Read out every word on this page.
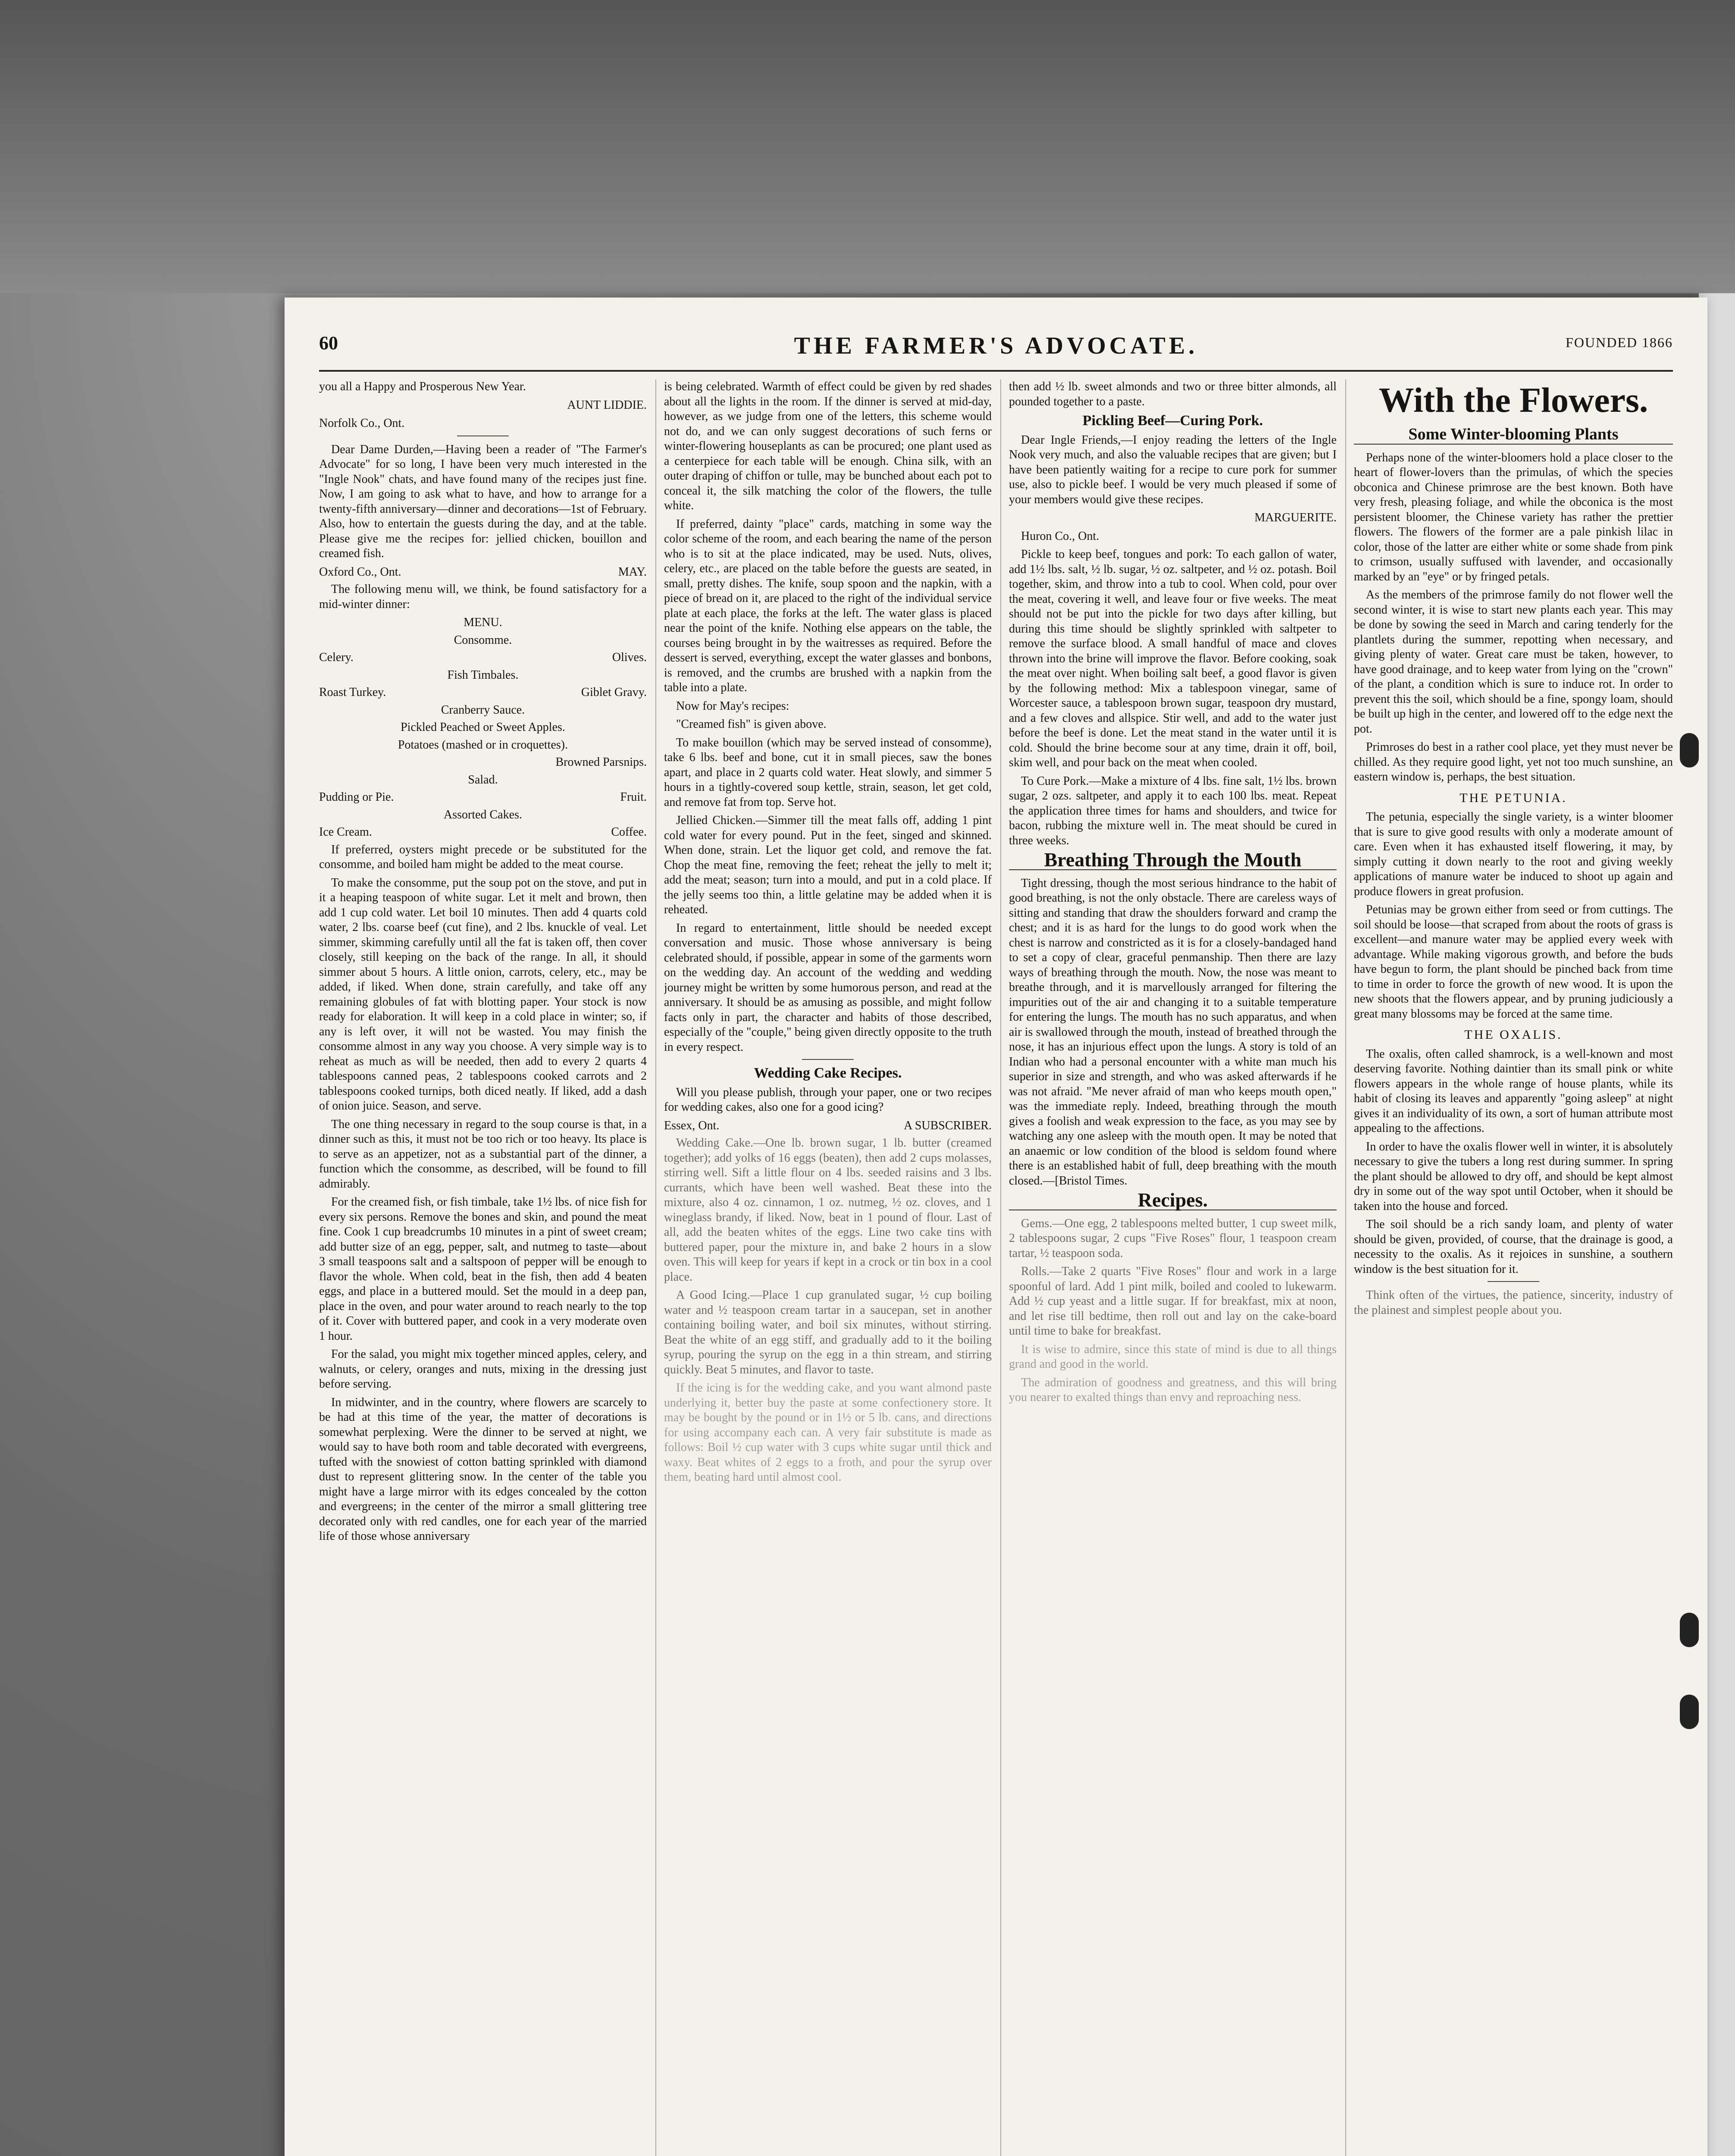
60	THE FARMER'S ADVOCATE.	FOUNDED 1866

you all a Happy and Prosperous New Year.

AUNT LIDDIE.

Norfolk Co., Ont.

Dear Dame Durden,—Having been a reader of "The Farmer's Advocate" for so long, I have been very much interested in the "Ingle Nook" chats, and have found many of the recipes just fine. Now, I am going to ask what to have, and how to arrange for a twenty-fifth anniversary—dinner and decorations—1st of February. Also, how to entertain the guests during the day, and at the table. Please give me the recipes for: jellied chicken, bouillon and creamed fish.

Oxford Co., Ont.	MAY.

The following menu will, we think, be found satisfactory for a mid-winter dinner:

MENU.
Consomme.
Celery.	Olives.
Fish Timbales.
Roast Turkey.	Giblet Gravy.
Cranberry Sauce.
Pickled Peached or Sweet Apples.
Potatoes (mashed or in croquettes).
Browned Parsnips.
Salad.
Pudding or Pie.	Fruit.
Assorted Cakes.
Ice Cream.	Coffee.

If preferred, oysters might precede or be substituted for the consomme, and boiled ham might be added to the meat course.

To make the consomme, put the soup pot on the stove, and put in it a heaping teaspoon of white sugar. Let it melt and brown, then add 1 cup cold water. Let boil 10 minutes. Then add 4 quarts cold water, 2 lbs. coarse beef (cut fine), and 2 lbs. knuckle of veal. Let simmer, skimming carefully until all the fat is taken off, then cover closely, still keeping on the back of the range. In all, it should simmer about 5 hours. A little onion, carrots, celery, etc., may be added, if liked. When done, strain carefully, and take off any remaining globules of fat with blotting paper. Your stock is now ready for elaboration. It will keep in a cold place in winter; so, if any is left over, it will not be wasted. You may finish the consomme almost in any way you choose. A very simple way is to reheat as much as will be needed, then add to every 2 quarts 4 tablespoons canned peas, 2 tablespoons cooked carrots and 2 tablespoons cooked turnips, both diced neatly. If liked, add a dash of onion juice. Season, and serve.

The one thing necessary in regard to the soup course is that, in a dinner such as this, it must not be too rich or too heavy. Its place is to serve as an appetizer, not as a substantial part of the dinner, a function which the consomme, as described, will be found to fill admirably.

For the creamed fish, or fish timbale, take 1½ lbs. of nice fish for every six persons. Remove the bones and skin, and pound the meat fine. Cook 1 cup breadcrumbs 10 minutes in a pint of sweet cream; add butter size of an egg, pepper, salt, and nutmeg to taste—about 3 small teaspoons salt and a saltspoon of pepper will be enough to flavor the whole. When cold, beat in the fish, then add 4 beaten eggs, and place in a buttered mould. Set the mould in a deep pan, place in the oven, and pour water around to reach nearly to the top of it. Cover with buttered paper, and cook in a very moderate oven 1 hour.

For the salad, you might mix together minced apples, celery, and walnuts, or celery, oranges and nuts, mixing in the dressing just before serving.

In midwinter, and in the country, where flowers are scarcely to be had at this time of the year, the matter of decorations is somewhat perplexing. Were the dinner to be served at night, we would say to have both room and table decorated with evergreens, tufted with the snowiest of cotton batting sprinkled with diamond dust to represent glittering snow. In the center of the table you might have a large mirror with its edges concealed by the cotton and evergreens; in the center of the mirror a small glittering tree decorated only with red candles, one for each year of the married life of those whose anniversary

is being celebrated. Warmth of effect could be given by red shades about all the lights in the room. If the dinner is served at mid-day, however, as we judge from one of the letters, this scheme would not do, and we can only suggest decorations of such ferns or winter-flowering houseplants as can be procured; one plant used as a centerpiece for each table will be enough. China silk, with an outer draping of chiffon or tulle, may be bunched about each pot to conceal it, the silk matching the color of the flowers, the tulle white.

If preferred, dainty "place" cards, matching in some way the color scheme of the room, and each bearing the name of the person who is to sit at the place indicated, may be used. Nuts, olives, celery, etc., are placed on the table before the guests are seated, in small, pretty dishes. The knife, soup spoon and the napkin, with a piece of bread on it, are placed to the right of the individual service plate at each place, the forks at the left. The water glass is placed near the point of the knife. Nothing else appears on the table, the courses being brought in by the waitresses as required. Before the dessert is served, everything, except the water glasses and bonbons, is removed, and the crumbs are brushed with a napkin from the table into a plate.

Now for May's recipes:

"Creamed fish" is given above.

To make bouillon (which may be served instead of consomme), take 6 lbs. beef and bone, cut it in small pieces, saw the bones apart, and place in 2 quarts cold water. Heat slowly, and simmer 5 hours in a tightly-covered soup kettle, strain, season, let get cold, and remove fat from top. Serve hot.

Jellied Chicken.—Simmer till the meat falls off, adding 1 pint cold water for every pound. Put in the feet, singed and skinned. When done, strain. Let the liquor get cold, and remove the fat. Chop the meat fine, removing the feet; reheat the jelly to melt it; add the meat; season; turn into a mould, and put in a cold place. If the jelly seems too thin, a little gelatine may be added when it is reheated.

In regard to entertainment, little should be needed except conversation and music. Those whose anniversary is being celebrated should, if possible, appear in some of the garments worn on the wedding day. An account of the wedding and wedding journey might be written by some humorous person, and read at the anniversary. It should be as amusing as possible, and might follow facts only in part, the character and habits of those described, especially of the "couple," being given directly opposite to the truth in every respect.

Wedding Cake Recipes.

Will you please publish, through your paper, one or two recipes for wedding cakes, also one for a good icing?

Essex, Ont.	A SUBSCRIBER.

Wedding Cake.—One lb. brown sugar, 1 lb. butter (creamed together); add yolks of 16 eggs (beaten), then add 2 cups molasses, stirring well. Sift a little flour on 4 lbs. seeded raisins and 3 lbs. currants, which have been well washed. Beat these into the mixture, also 4 oz. cinnamon, 1 oz. nutmeg, ½ oz. cloves, and 1 wineglass brandy, if liked. Now, beat in 1 pound of flour. Last of all, add the beaten whites of the eggs. Line two cake tins with buttered paper, pour the mixture in, and bake 2 hours in a slow oven. This will keep for years if kept in a crock or tin box in a cool place.

A Good Icing.—Place 1 cup granulated sugar, ½ cup boiling water and ½ teaspoon cream tartar in a saucepan, set in another containing boiling water, and boil six minutes, without stirring. Beat the white of an egg stiff, and gradually add to it the boiling syrup, pouring the syrup on the egg in a thin stream, and stirring quickly. Beat 5 minutes, and flavor to taste.

If the icing is for the wedding cake, and you want almond paste underlying it, better buy the paste at some confectionery store. It may be bought by the pound or in 1½ or 5 lb. cans, and directions for using accompany each can. A very fair substitute is made as follows: Boil ½ cup water with 3 cups white sugar until thick and waxy. Beat whites of 2 eggs to a froth, and pour the syrup over them, beating hard until almost cool.

then add ½ lb. sweet almonds and two or three bitter almonds, all pounded together to a paste.

Pickling Beef—Curing Pork.

Dear Ingle Friends,—I enjoy reading the letters of the Ingle Nook very much, and also the valuable recipes that are given; but I have been patiently waiting for a recipe to cure pork for summer use, also to pickle beef. I would be very much pleased if some of your members would give these recipes.

MARGUERITE.

Huron Co., Ont.

Pickle to keep beef, tongues and pork: To each gallon of water, add 1½ lbs. salt, ½ lb. sugar, ½ oz. saltpeter, and ½ oz. potash. Boil together, skim, and throw into a tub to cool. When cold, pour over the meat, covering it well, and leave four or five weeks. The meat should not be put into the pickle for two days after killing, but during this time should be slightly sprinkled with saltpeter to remove the surface blood. A small handful of mace and cloves thrown into the brine will improve the flavor. Before cooking, soak the meat over night. When boiling salt beef, a good flavor is given by the following method: Mix a tablespoon vinegar, same of Worcester sauce, a tablespoon brown sugar, teaspoon dry mustard, and a few cloves and allspice. Stir well, and add to the water just before the beef is done. Let the meat stand in the water until it is cold. Should the brine become sour at any time, drain it off, boil, skim well, and pour back on the meat when cooled.

To Cure Pork.—Make a mixture of 4 lbs. fine salt, 1½ lbs. brown sugar, 2 ozs. saltpeter, and apply it to each 100 lbs. meat. Repeat the application three times for hams and shoulders, and twice for bacon, rubbing the mixture well in. The meat should be cured in three weeks.

Breathing Through the Mouth

Tight dressing, though the most serious hindrance to the habit of good breathing, is not the only obstacle. There are careless ways of sitting and standing that draw the shoulders forward and cramp the chest; and it is as hard for the lungs to do good work when the chest is narrow and constricted as it is for a closely-bandaged hand to set a copy of clear, graceful penmanship. Then there are lazy ways of breathing through the mouth. Now, the nose was meant to breathe through, and it is marvellously arranged for filtering the impurities out of the air and changing it to a suitable temperature for entering the lungs. The mouth has no such apparatus, and when air is swallowed through the mouth, instead of breathed through the nose, it has an injurious effect upon the lungs. A story is told of an Indian who had a personal encounter with a white man much his superior in size and strength, and who was asked afterwards if he was not afraid. "Me never afraid of man who keeps mouth open," was the immediate reply. Indeed, breathing through the mouth gives a foolish and weak expression to the face, as you may see by watching any one asleep with the mouth open. It may be noted that an anaemic or low condition of the blood is seldom found where there is an established habit of full, deep breathing with the mouth closed.—[Bristol Times.

Recipes.

Gems.—One egg, 2 tablespoons melted butter, 1 cup sweet milk, 2 tablespoons sugar, 2 cups "Five Roses" flour, 1 teaspoon cream tartar, ½ teaspoon soda.

Rolls.—Take 2 quarts "Five Roses" flour and work in a large spoonful of lard. Add 1 pint milk, boiled and cooled to lukewarm. Add ½ cup yeast and a little sugar. If for breakfast, mix at noon, and let rise till bedtime, then roll out and lay on the cake-board until time to bake for breakfast.

It is wise to admire, since this state of mind is due to all things grand and good in the world.

The admiration of goodness and greatness, and this will bring you nearer to exalted things than envy and reproaching ness.

With the Flowers.
Some Winter-blooming Plants

Perhaps none of the winter-bloomers hold a place closer to the heart of flower-lovers than the primulas, of which the species obconica and Chinese primrose are the best known. Both have very fresh, pleasing foliage, and while the obconica is the most persistent bloomer, the Chinese variety has rather the prettier flowers. The flowers of the former are a pale pinkish lilac in color, those of the latter are either white or some shade from pink to crimson, usually suffused with lavender, and occasionally marked by an "eye" or by fringed petals.

As the members of the primrose family do not flower well the second winter, it is wise to start new plants each year. This may be done by sowing the seed in March and caring tenderly for the plantlets during the summer, repotting when necessary, and giving plenty of water. Great care must be taken, however, to have good drainage, and to keep water from lying on the "crown" of the plant, a condition which is sure to induce rot. In order to prevent this the soil, which should be a fine, spongy loam, should be built up high in the center, and lowered off to the edge next the pot.

Primroses do best in a rather cool place, yet they must never be chilled. As they require good light, yet not too much sunshine, an eastern window is, perhaps, the best situation.

THE PETUNIA.

The petunia, especially the single variety, is a winter bloomer that is sure to give good results with only a moderate amount of care. Even when it has exhausted itself flowering, it may, by simply cutting it down nearly to the root and giving weekly applications of manure water be induced to shoot up again and produce flowers in great profusion.

Petunias may be grown either from seed or from cuttings. The soil should be loose—that scraped from about the roots of grass is excellent—and manure water may be applied every week with advantage. While making vigorous growth, and before the buds have begun to form, the plant should be pinched back from time to time in order to force the growth of new wood. It is upon the new shoots that the flowers appear, and by pruning judiciously a great many blossoms may be forced at the same time.

THE OXALIS.

The oxalis, often called shamrock, is a well-known and most deserving favorite. Nothing daintier than its small pink or white flowers appears in the whole range of house plants, while its habit of closing its leaves and apparently "going asleep" at night gives it an individuality of its own, a sort of human attribute most appealing to the affections.

In order to have the oxalis flower well in winter, it is absolutely necessary to give the tubers a long rest during summer. In spring the plant should be allowed to dry off, and should be kept almost dry in some out of the way spot until October, when it should be taken into the house and forced.

The soil should be a rich sandy loam, and plenty of water should be given, provided, of course, that the drainage is good, a necessity to the oxalis. As it rejoices in sunshine, a southern window is the best situation for it.

Think often of the virtues, the patience, sincerity, industry of the plainest and simplest people about you.
